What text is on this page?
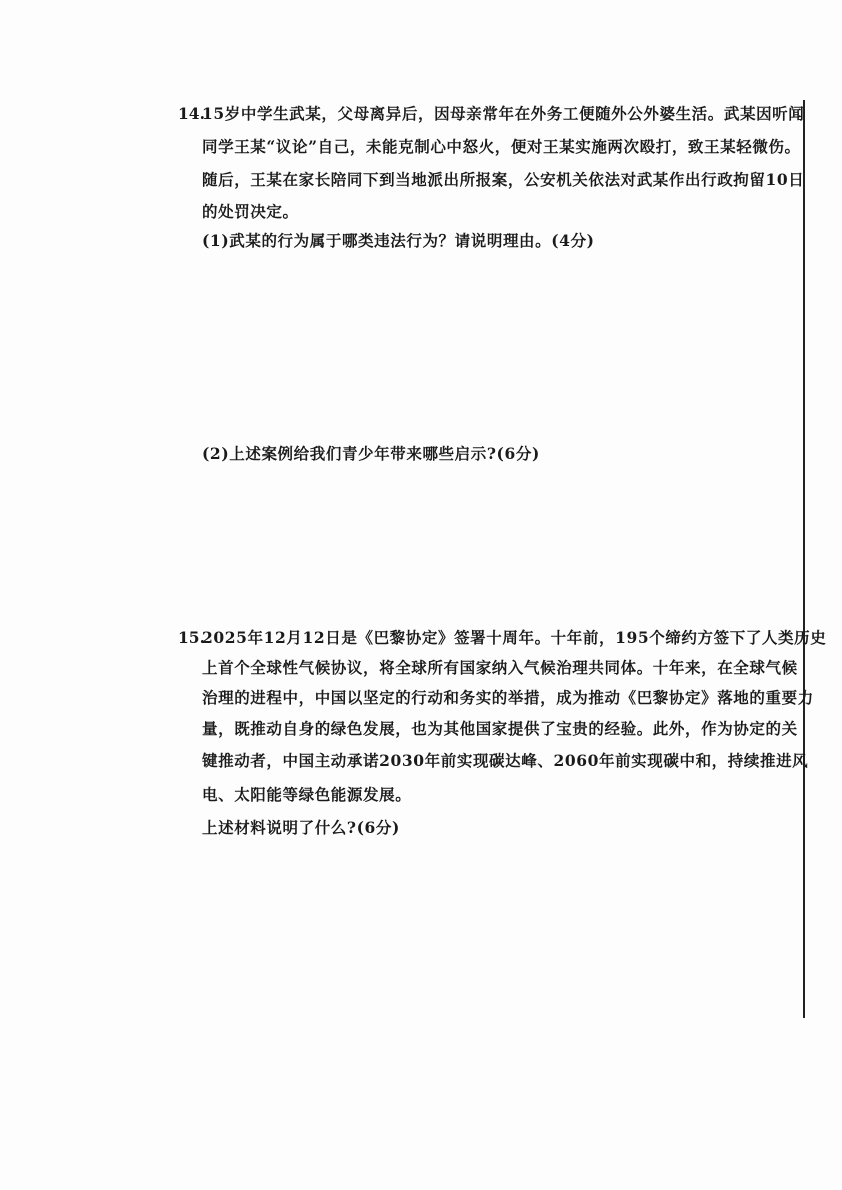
14.
15岁中学生武某，父母离异后，因母亲常年在外务工便随外公外婆生活。武某因听闻
同学王某“议论”自己，未能克制心中怒火，便对王某实施两次殴打，致王某轻微伤。
随后，王某在家长陪同下到当地派出所报案，公安机关依法对武某作出行政拘留10日
的处罚决定。
(1)武某的行为属于哪类违法行为？请说明理由。(4分)
(2)上述案例给我们青少年带来哪些启示?(6分)
15.
2025年12月12日是《巴黎协定》签署十周年。十年前，195个缔约方签下了人类历史
上首个全球性气候协议，将全球所有国家纳入气候治理共同体。十年来，在全球气候
治理的进程中，中国以坚定的行动和务实的举措，成为推动《巴黎协定》落地的重要力
量，既推动自身的绿色发展，也为其他国家提供了宝贵的经验。此外，作为协定的关
键推动者，中国主动承诺2030年前实现碳达峰、2060年前实现碳中和，持续推进风
电、太阳能等绿色能源发展。
上述材料说明了什么?(6分)
